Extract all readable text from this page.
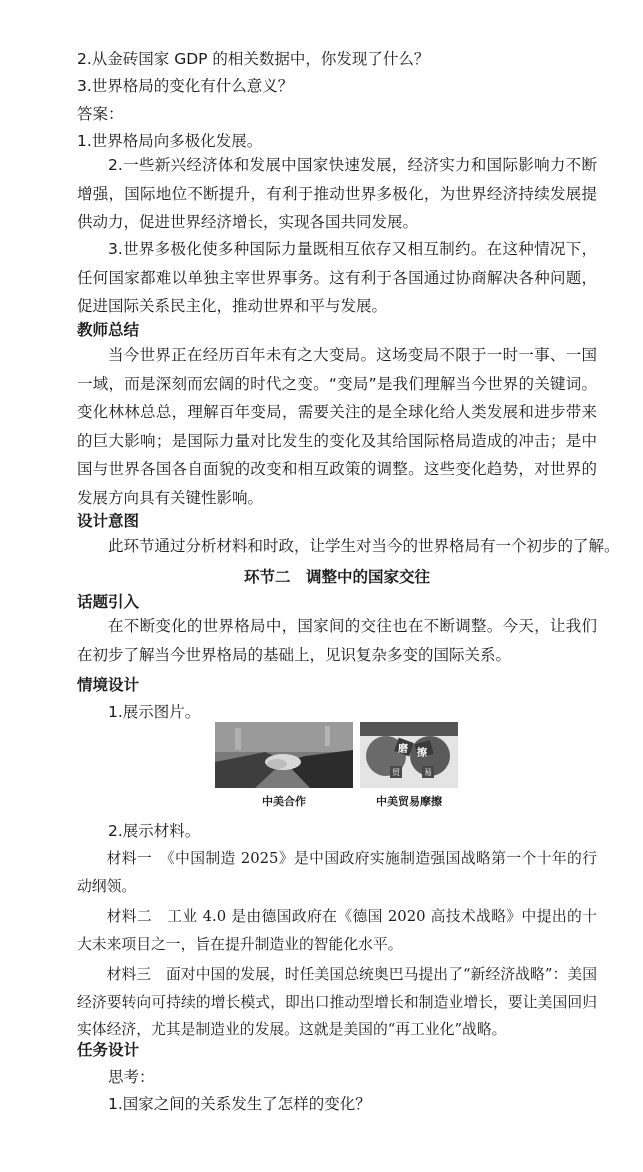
2.从金砖国家 GDP 的相关数据中，你发现了什么？
3.世界格局的变化有什么意义？
答案：
1.世界格局向多极化发展。
2.一些新兴经济体和发展中国家快速发展，经济实力和国际影响力不断增强，国际地位不断提升，有利于推动世界多极化，为世界经济持续发展提供动力，促进世界经济增长，实现各国共同发展。
3.世界多极化使多种国际力量既相互依存又相互制约。在这种情况下，任何国家都难以单独主宰世界事务。这有利于各国通过协商解决各种问题，促进国际关系民主化，推动世界和平与发展。
教师总结
当今世界正在经历百年未有之大变局。这场变局不限于一时一事、一国一域，而是深刻而宏阔的时代之变。“变局”是我们理解当今世界的关键词。变化林林总总，理解百年变局，需要关注的是全球化给人类发展和进步带来的巨大影响；是国际力量对比发生的变化及其给国际格局造成的冲击；是中国与世界各国各自面貌的改变和相互政策的调整。这些变化趋势，对世界的发展方向具有关键性影响。
设计意图
此环节通过分析材料和时政，让学生对当今的世界格局有一个初步的了解。
环节二　调整中的国家交往
话题引入
在不断变化的世界格局中，国家间的交往也在不断调整。今天，让我们在初步了解当今世界格局的基础上，见识复杂多变的国际关系。
情境设计
1.展示图片。
中美合作
磨 擦
贸	易
中美贸易摩擦
2.展示材料。
材料一　《中国制造 2025》是中国政府实施制造强国战略第一个十年的行动纲领。
材料二　工业 4.0 是由德国政府在《德国 2020 高技术战略》中提出的十大未来项目之一，旨在提升制造业的智能化水平。
材料三　面对中国的发展，时任美国总统奥巴马提出了“新经济战略”：美国经济要转向可持续的增长模式，即出口推动型增长和制造业增长，要让美国回归实体经济，尤其是制造业的发展。这就是美国的“再工业化”战略。
任务设计
思考：
1.国家之间的关系发生了怎样的变化？
